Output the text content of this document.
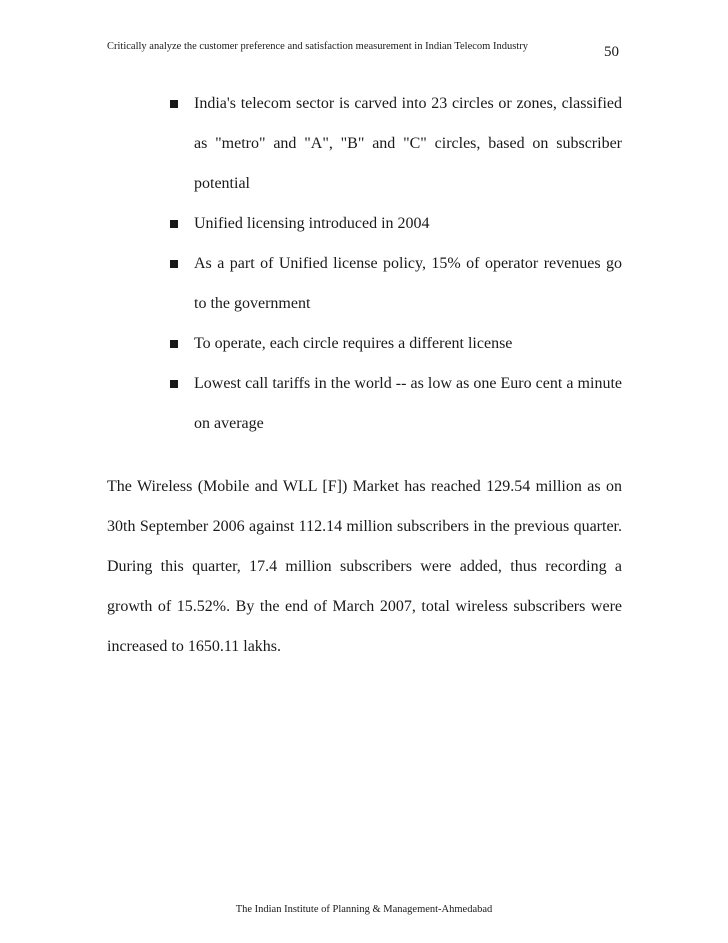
Critically analyze the customer preference and satisfaction measurement in Indian Telecom Industry	50
India's telecom sector is carved into 23 circles or zones, classified as "metro" and "A", "B" and "C" circles, based on subscriber potential
Unified licensing introduced in 2004
As a part of Unified license policy, 15% of operator revenues go to the government
To operate, each circle requires a different license
Lowest call tariffs in the world -- as low as one Euro cent a minute on average

The Wireless (Mobile and WLL [F]) Market has reached 129.54 million as on 30th September 2006 against 112.14 million subscribers in the previous quarter. During this quarter, 17.4 million subscribers were added, thus recording a growth of 15.52%. By the end of March 2007, total wireless subscribers were increased to 1650.11 lakhs.

The Indian Institute of Planning & Management-Ahmedabad
